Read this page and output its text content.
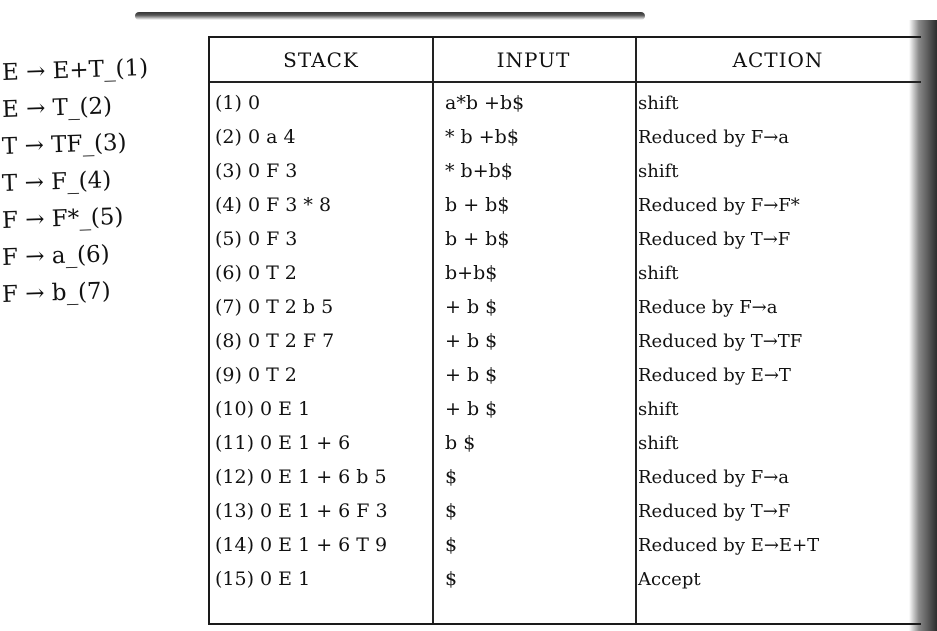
E → E+T_(1)
E → T_(2)
T → TF_(3)
T → F_(4)
F → F*_(5)
F → a_(6)
F → b_(7)
STACK	INPUT	ACTION
(1) 0	a*b +b$	shift
(2) 0 a 4	* b +b$	Reduced by F→a
(3) 0 F 3	* b+b$	shift
(4) 0 F 3 * 8	b + b$	Reduced by F→F*
(5) 0 F 3	b + b$	Reduced by T→F
(6) 0 T 2	b+b$	shift
(7) 0 T 2 b 5	+ b $	Reduce by F→a
(8) 0 T 2 F 7	+ b $	Reduced by T→TF
(9) 0 T 2	+ b $	Reduced by E→T
(10) 0 E 1	+ b $	shift
(11) 0 E 1 + 6	b $	shift
(12) 0 E 1 + 6 b 5	$	Reduced by F→a
(13) 0 E 1 + 6 F 3	$	Reduced by T→F
(14) 0 E 1 + 6 T 9	$	Reduced by E→E+T
(15) 0 E 1	$	Accept
